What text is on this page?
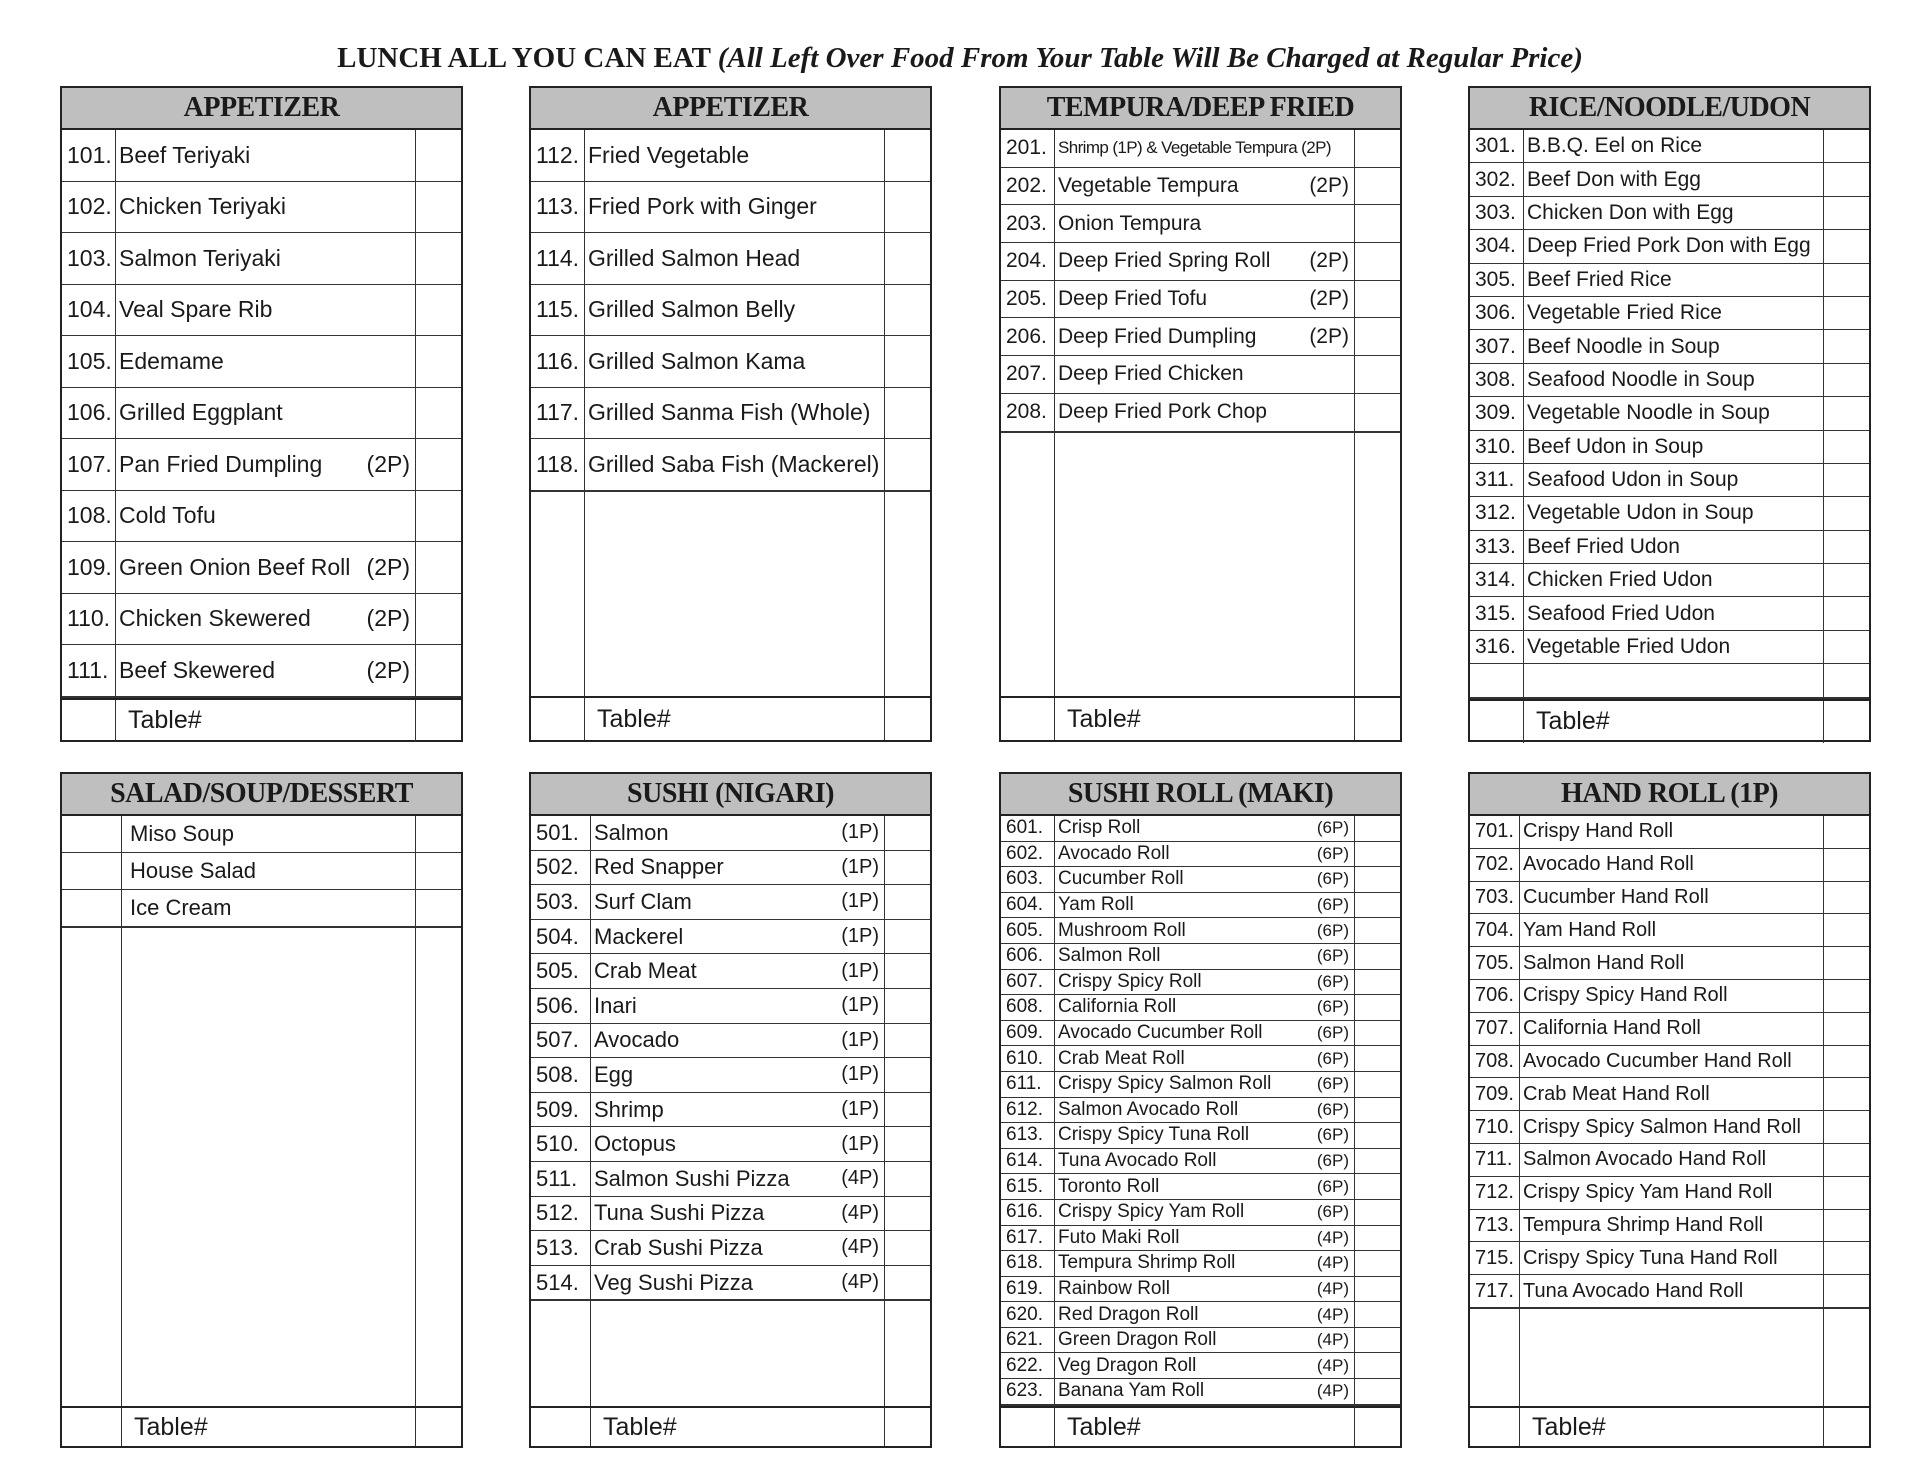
LUNCH ALL YOU CAN EAT (All Left Over Food From Your Table Will Be Charged at Regular Price)
APPETIZER
101. Beef Teriyaki
102. Chicken Teriyaki
103. Salmon Teriyaki
104. Veal Spare Rib
105. Edemame
106. Grilled Eggplant
107. Pan Fried Dumpling (2P)
108. Cold Tofu
109. Green Onion Beef Roll (2P)
110. Chicken Skewered (2P)
111. Beef Skewered	(2P)
Table#
APPETIZER
112. Fried Vegetable
113. Fried Pork with Ginger
114. Grilled Salmon Head
115. Grilled Salmon Belly
116. Grilled Salmon Kama
117. Grilled Sanma Fish (Whole)
118. Grilled Saba Fish (Mackerel)
Table#
TEMPURA/DEEP FRIED
201. Shrimp (1P) & Vegetable Tempura (2P)
202. Vegetable Tempura	(2P)
203. Onion Tempura
204. Deep Fried Spring Roll (2P)
205. Deep Fried Tofu	(2P)
206. Deep Fried Dumpling	(2P)
207. Deep Fried Chicken
208. Deep Fried Pork Chop
Table#
RICE/NOODLE/UDON
301. B.B.Q. Eel on Rice
302. Beef Don with Egg
303. Chicken Don with Egg
304. Deep Fried Pork Don with Egg
305. Beef Fried Rice
306. Vegetable Fried Rice
307. Beef Noodle in Soup
308. Seafood Noodle in Soup
309. Vegetable Noodle in Soup
310. Beef Udon in Soup
311. Seafood Udon in Soup
312. Vegetable Udon in Soup
313. Beef Fried Udon
314. Chicken Fried Udon
315. Seafood Fried Udon
316. Vegetable Fried Udon
Table#
SALAD/SOUP/DESSERT
Miso Soup
House Salad
Ice Cream
Table#
SUSHI (NIGARI)
501. Salmon	(1P)
502. Red Snapper	(1P)
503. Surf Clam	(1P)
504. Mackerel	(1P)
505. Crab Meat	(1P)
506. Inari	(1P)
507. Avocado	(1P)
508. Egg	(1P)
509. Shrimp	(1P)
510. Octopus	(1P)
511. Salmon Sushi Pizza	(4P)
512. Tuna Sushi Pizza	(4P)
513. Crab Sushi Pizza	(4P)
514. Veg Sushi Pizza	(4P)
Table#
SUSHI ROLL (MAKI)
601. Crisp Roll	(6P)
602. Avocado Roll	(6P)
603. Cucumber Roll	(6P)
604. Yam Roll	(6P)
605. Mushroom Roll	(6P)
606. Salmon Roll	(6P)
607. Crispy Spicy Roll	(6P)
608. California Roll	(6P)
609. Avocado Cucumber Roll	(6P)
610. Crab Meat Roll	(6P)
611. Crispy Spicy Salmon Roll	(6P)
612. Salmon Avocado Roll	(6P)
613. Crispy Spicy Tuna Roll	(6P)
614. Tuna Avocado Roll	(6P)
615. Toronto Roll	(6P)
616. Crispy Spicy Yam Roll	(6P)
617. Futo Maki Roll	(4P)
618. Tempura Shrimp Roll	(4P)
619. Rainbow Roll	(4P)
620. Red Dragon Roll	(4P)
621. Green Dragon Roll	(4P)
622. Veg Dragon Roll	(4P)
623. Banana Yam Roll	(4P)
Table#
HAND ROLL (1P)
701. Crispy Hand Roll
702. Avocado Hand Roll
703. Cucumber Hand Roll
704. Yam Hand Roll
705. Salmon Hand Roll
706. Crispy Spicy Hand Roll
707. California Hand Roll
708. Avocado Cucumber Hand Roll
709. Crab Meat Hand Roll
710. Crispy Spicy Salmon Hand Roll
711. Salmon Avocado Hand Roll
712. Crispy Spicy Yam Hand Roll
713. Tempura Shrimp Hand Roll
715. Crispy Spicy Tuna Hand Roll
717. Tuna Avocado Hand Roll
Table#
